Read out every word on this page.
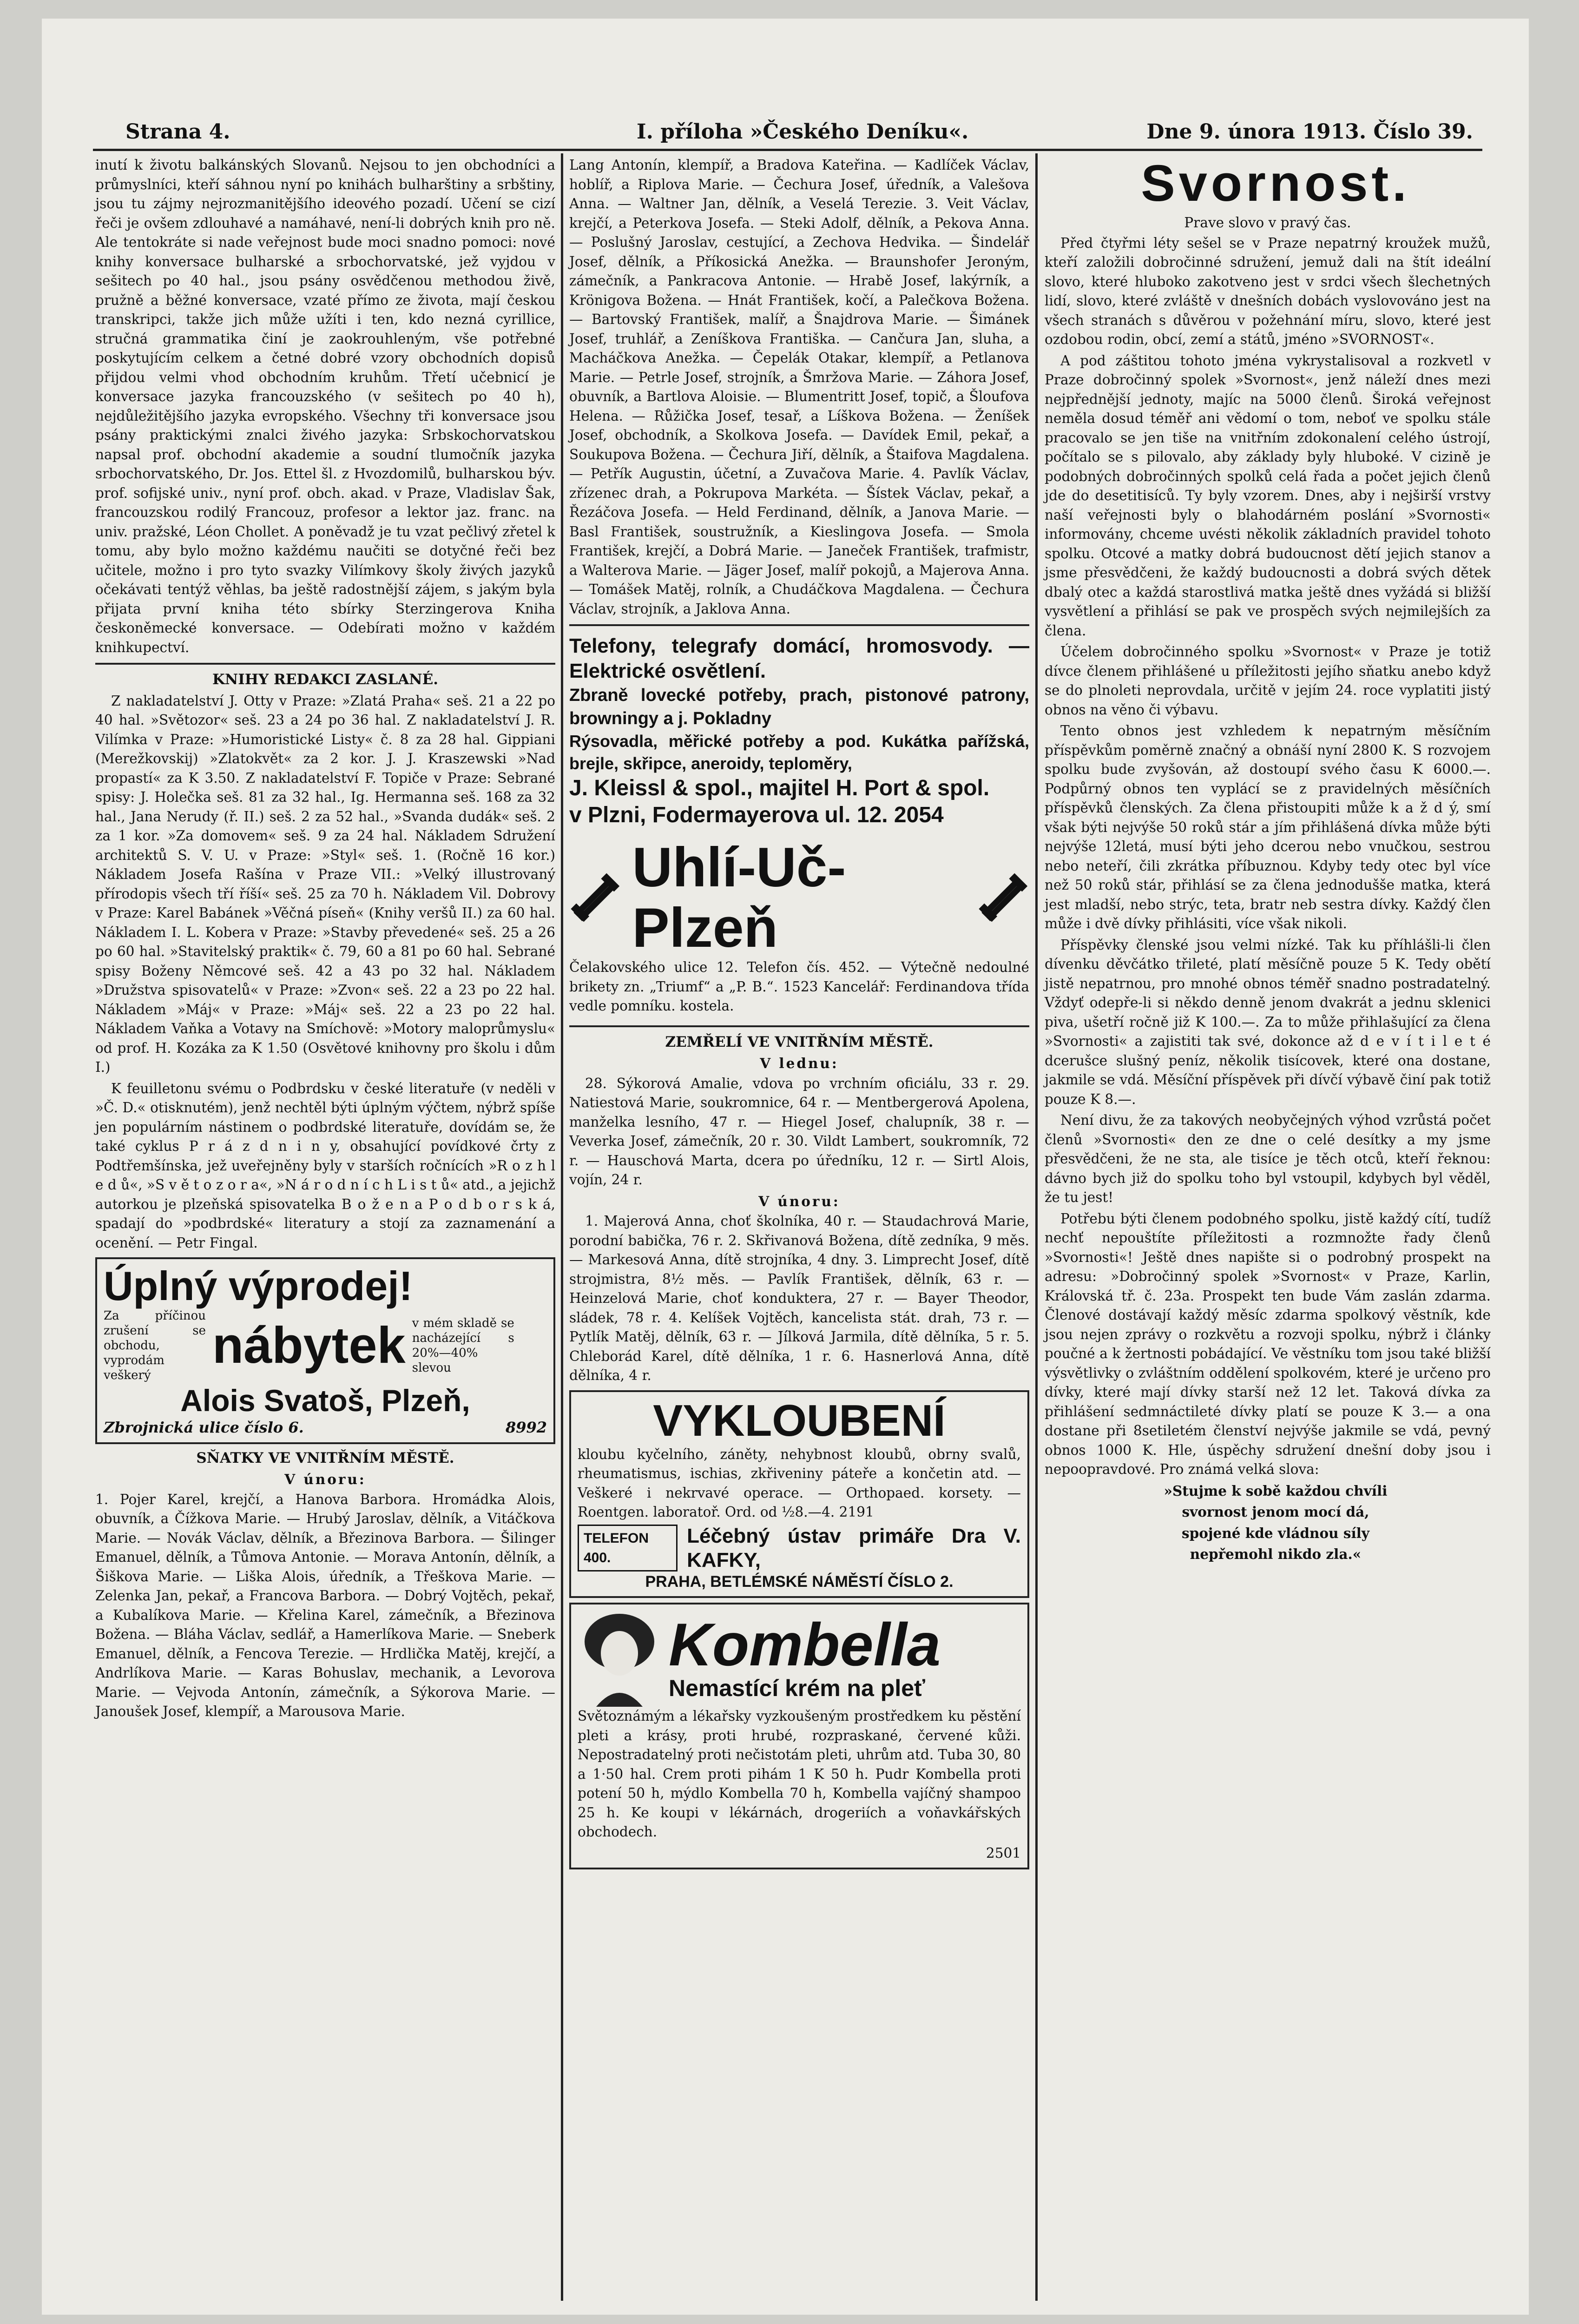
Strana 4.	I. příloha »Českého Deníku«.	Dne 9. února 1913. Číslo 39.

inutí k životu balkánských Slovanů. Nejsou to jen obchodníci a průmyslníci, kteří sáhnou nyní po knihách bulharštiny a srbštiny, jsou tu zájmy nejrozmanitějšího ideového pozadí. Učení se cizí řeči je ovšem zdlouhavé a namáhavé, není-li dobrých knih pro ně. Ale tentokráte si nade veřejnost bude moci snadno pomoci: nové knihy konversace bulharské a srbochorvatské, jež vyjdou v sešitech po 40 hal., jsou psány osvědčenou methodou živě, pružně a běžné konversace, vzaté přímo ze života, mají českou transkripci, takže jich může užíti i ten, kdo nezná cyrillice, stručná grammatika činí je zaokrouhleným, vše potřebné poskytujícím celkem a četné dobré vzory obchodních dopisů přijdou velmi vhod obchodním kruhům. Třetí učebnicí je konversace jazyka francouzského (v sešitech po 40 h), nejdůležitějšího jazyka evropského. Všechny tři konversace jsou psány praktickými znalci živého jazyka: Srbskochorvatskou napsal prof. obchodní akademie a soudní tlumočník jazyka srbochorvatského, Dr. Jos. Ettel šl. z Hvozdomilů, bulharskou býv. prof. sofijské univ., nyní prof. obch. akad. v Praze, Vladislav Šak, francouzskou rodilý Francouz, profesor a lektor jaz. franc. na univ. pražské, Léon Chollet. A poněvadž je tu vzat pečlivý zřetel k tomu, aby bylo možno každému naučiti se dotyčné řeči bez učitele, možno i pro tyto svazky Vilímkovy školy živých jazyků očekávati tentýž věhlas, ba ještě radostnější zájem, s jakým byla přijata první kniha této sbírky Sterzingerova Kniha českoněmecké konversace. — Odebírati možno v každém knihkupectví.

KNIHY REDAKCI ZASLANÉ.

Z nakladatelství J. Otty v Praze: »Zlatá Praha« seš. 21 a 22 po 40 hal. »Světozor« seš. 23 a 24 po 36 hal. Z nakladatelství J. R. Vilímka v Praze: »Humoristické Listy« č. 8 za 28 hal. Gippiani (Merežkovskij) »Zlatokvět« za 2 kor. J. J. Kraszewski »Nad propastí« za K 3.50. Z nakladatelství F. Topiče v Praze: Sebrané spisy: J. Holečka seš. 81 za 32 hal., Ig. Hermanna seš. 168 za 32 hal., Jana Nerudy (ř. II.) seš. 2 za 52 hal., »Svanda dudák« seš. 2 za 1 kor. »Za domovem« seš. 9 za 24 hal. Nákladem Sdružení architektů S. V. U. v Praze: »Styl« seš. 1. (Ročně 16 kor.) Nákladem Josefa Rašína v Praze VII.: »Velký illustrovaný přírodopis všech tří říší« seš. 25 za 70 h. Nákladem Vil. Dobrovy v Praze: Karel Babánek »Věčná píseň« (Knihy veršů II.) za 60 hal. Nákladem I. L. Kobera v Praze: »Stavby převedené« seš. 25 a 26 po 60 hal. »Stavitelský praktik« č. 79, 60 a 81 po 60 hal. Sebrané spisy Boženy Němcové seš. 42 a 43 po 32 hal. Nákladem »Družstva spisovatelů« v Praze: »Zvon« seš. 22 a 23 po 22 hal. Nákladem »Máj« v Praze: »Máj« seš. 22 a 23 po 22 hal. Nákladem Vaňka a Votavy na Smíchově: »Motory maloprůmyslu« od prof. H. Kozáka za K 1.50 (Osvětové knihovny pro školu i dům I.)

K feuilletonu svému o Podbrdsku v české literatuře (v neděli v »Č. D.« otisknutém), jenž nechtěl býti úplným výčtem, nýbrž spíše jen populárním nástinem o podbrdské literatuře, dovídám se, že také cyklus P r á z d n i n y, obsahující povídkové črty z Podtřemšínska, jež uveřejněny byly v starších ročnících »R o z h l e d ů«, »S v ě t o z o r a«, »N á r o d n í c h L i s t ů« atd., a jejichž autorkou je plzeňská spisovatelka B o ž e n a P o d b o r s k á, spadají do »podbrdské« literatury a stojí za zaznamenání a ocenění. — Petr Fingal.

Úplný výprodej!
Za příčinou zrušení se obchodu, vyprodám veškerý
nábytek v mém skladě se nacházející s 20%—40% slevou
Alois Svatoš, Plzeň,
Zbrojnická ulice číslo 6.	8992

SŇATKY VE VNITŘNÍM MĚSTĚ.

V únoru:

1. Pojer Karel, krejčí, a Hanova Barbora. Hromádka Alois, obuvník, a Čížkova Marie. — Hrubý Jaroslav, dělník, a Vitáčkova Marie. — Novák Václav, dělník, a Březinova Barbora. — Šilinger Emanuel, dělník, a Tůmova Antonie. — Morava Antonín, dělník, a Šiškova Marie. — Liška Alois, úředník, a Třeškova Marie. — Zelenka Jan, pekař, a Francova Barbora. — Dobrý Vojtěch, pekař, a Kubalíkova Marie. — Křelina Karel, zámečník, a Březinova Božena. — Bláha Václav, sedlář, a Hamerlíkova Marie. — Sneberk Emanuel, dělník, a Fencova Terezie. — Hrdlička Matěj, krejčí, a Andrlíkova Marie. — Karas Bohuslav, mechanik, a Levorova Marie. — Vejvoda Antonín, zámečník, a Sýkorova Marie. — Janoušek Josef, klempíř, a Marousova Marie.

Lang Antonín, klempíř, a Bradova Kateřina. — Kadlíček Václav, hoblíř, a Riplova Marie. — Čechura Josef, úředník, a Valešova Anna. — Waltner Jan, dělník, a Veselá Terezie. 3. Veit Václav, krejčí, a Peterkova Josefa. — Steki Adolf, dělník, a Pekova Anna. — Poslušný Jaroslav, cestující, a Zechova Hedvika. — Šindelář Josef, dělník, a Příkosická Anežka. — Braunshofer Jeroným, zámečník, a Pankracova Antonie. — Hrabě Josef, lakýrník, a Krönigova Božena. — Hnát František, kočí, a Palečkova Božena. — Bartovský František, malíř, a Šnajdrova Marie. — Šimánek Josef, truhlář, a Zeníškova Františka. — Cančura Jan, sluha, a Macháčkova Anežka. — Čepelák Otakar, klempíř, a Petlanova Marie. — Petrle Josef, strojník, a Šmržova Marie. — Záhora Josef, obuvník, a Bartlova Aloisie. — Blumentritt Josef, topič, a Šloufova Helena. — Růžička Josef, tesař, a Líškova Božena. — Ženíšek Josef, obchodník, a Skolkova Josefa. — Davídek Emil, pekař, a Soukupova Božena. — Čechura Jiří, dělník, a Štaifova Magdalena. — Petřík Augustin, účetní, a Zuvačova Marie. 4. Pavlík Václav, zřízenec drah, a Pokrupova Markéta. — Šístek Václav, pekař, a Řezáčova Josefa. — Held Ferdinand, dělník, a Janova Marie. — Basl František, soustružník, a Kieslingova Josefa. — Smola František, krejčí, a Dobrá Marie. — Janeček František, trafmistr, a Walterova Marie. — Jäger Josef, malíř pokojů, a Majerova Anna. — Tomášek Matěj, rolník, a Chudáčkova Magdalena. — Čechura Václav, strojník, a Jaklova Anna.

Telefony, telegrafy domácí, hromosvody. — Elektrické osvětlení.
Zbraně lovecké potřeby, prach, pistonové patrony, browningy a j. Pokladny
Rýsovadla, měřické potřeby a pod. Kukátka pařížská, brejle, skřipce, aneroidy, teploměry,
J. Kleissl & spol., majitel H. Port & spol.
v Plzni, Fodermayerova ul. 12. 2054
Uhlí-Uč-Plzeň

Čelakovského ulice 12. Telefon čís. 452. — Výtečně nedoulné brikety zn. „Triumf“ a „P. B.“. 1523 Kancelář: Ferdinandova třída vedle pomníku. kostela.

ZEMŘELÍ VE VNITŘNÍM MĚSTĚ.

V lednu:

28. Sýkorová Amalie, vdova po vrchním oficiálu, 33 r. 29. Natiestová Marie, soukromnice, 64 r. — Mentbergerová Apolena, manželka lesního, 47 r. — Hiegel Josef, chalupník, 38 r. — Veverka Josef, zámečník, 20 r. 30. Vildt Lambert, soukromník, 72 r. — Hauschová Marta, dcera po úředníku, 12 r. — Sirtl Alois, vojín, 24 r.

V únoru:

1. Majerová Anna, choť školníka, 40 r. — Staudachrová Marie, porodní babička, 76 r. 2. Skřivanová Božena, dítě zedníka, 9 měs. — Markesová Anna, dítě strojníka, 4 dny. 3. Limprecht Josef, dítě strojmistra, 8½ měs. — Pavlík František, dělník, 63 r. — Heinzelová Marie, choť konduktera, 27 r. — Bayer Theodor, sládek, 78 r. 4. Kelíšek Vojtěch, kancelista stát. drah, 73 r. — Pytlík Matěj, dělník, 63 r. — Jílková Jarmila, dítě dělníka, 5 r. 5. Chleborád Karel, dítě dělníka, 1 r. 6. Hasnerlová Anna, dítě dělníka, 4 r.

VYKLOUBENÍ

kloubu kyčelního, záněty, nehybnost kloubů, obrny svalů, rheumatismus, ischias, zkřiveniny páteře a končetin atd. — Veškeré i nekrvavé operace. — Orthopaed. korsety. — Roentgen. laboratoř. Ord. od ½8.—4. 2191

TELEFON 400.
Léčebný ústav primáře Dra V. KAFKY,
PRAHA, BETLÉMSKÉ NÁMĚSTÍ ČÍSLO 2.
Kombella
Nemastící krém na pleť

Světoznámým a lékařsky vyzkoušeným prostředkem ku pěstění pleti a krásy, proti hrubé, rozpraskané, červené kůži. Nepostradatelný proti nečistotám pleti, uhrům atd. Tuba 30, 80 a 1·50 hal. Crem proti pihám 1 K 50 h. Pudr Kombella proti potení 50 h, mýdlo Kombella 70 h, Kombella vajíčný shampoo 25 h. Ke koupi v lékárnách, drogeriích a voňavkářských obchodech.

2501

Svornost.

Prave slovo v pravý čas.

Před čtyřmi léty sešel se v Praze nepatrný kroužek mužů, kteří založili dobročinné sdružení, jemuž dali na štít ideální slovo, které hluboko zakotveno jest v srdci všech šlechetných lidí, slovo, které zvláště v dnešních dobách vyslovováno jest na všech stranách s důvěrou v požehnání míru, slovo, které jest ozdobou rodin, obcí, zemí a států, jméno »SVORNOST«.

A pod záštitou tohoto jména vykrystalisoval a rozkvetl v Praze dobročinný spolek »Svornost«, jenž náleží dnes mezi nejpřednější jednoty, majíc na 5000 členů. Široká veřejnost neměla dosud téměř ani vědomí o tom, neboť ve spolku stále pracovalo se jen tiše na vnitřním zdokonalení celého ústrojí, počítalo se s pilovalo, aby základy byly hluboké. V cizině je podobných dobročinných spolků celá řada a počet jejich členů jde do desetitisíců. Ty byly vzorem. Dnes, aby i nejširší vrstvy naší veřejnosti byly o blahodárném poslání »Svornosti« informovány, chceme uvésti několik základních pravidel tohoto spolku. Otcové a matky dobrá budoucnost dětí jejich stanov a jsme přesvědčeni, že každý budoucnosti a dobrá svých dětek dbalý otec a každá starostlivá matka ještě dnes vyžádá si bližší vysvětlení a přihlásí se pak ve prospěch svých nejmilejších za člena.

Účelem dobročinného spolku »Svornost« v Praze je totiž dívce členem přihlášené u příležitosti jejího sňatku anebo když se do plnoleti neprovdala, určitě v jejím 24. roce vyplatiti jistý obnos na věno či výbavu.

Tento obnos jest vzhledem k nepatrným měsíčním příspěvkům poměrně značný a obnáší nyní 2800 K. S rozvojem spolku bude zvyšován, až dostoupí svého času K 6000.—. Podpůrný obnos ten vyplácí se z pravidelných měsíčních příspěvků členských. Za člena přistoupiti může k a ž d ý, smí však býti nejvýše 50 roků stár a jím přihlášená dívka může býti nejvýše 12letá, musí býti jeho dcerou nebo vnučkou, sestrou nebo neteří, čili zkrátka příbuznou. Kdyby tedy otec byl více než 50 roků stár, přihlásí se za člena jednodušše matka, která jest mladší, nebo strýc, teta, bratr neb sestra dívky. Každý člen může i dvě dívky přihlásiti, více však nikoli.

Příspěvky členské jsou velmi nízké. Tak ku příhlášli-li člen dívenku děvčátko třileté, platí měsíčně pouze 5 K. Tedy obětí jistě nepatrnou, pro mnohé obnos téměř snadno postradatelný. Vždyť odepře-li si někdo denně jenom dvakrát a jednu sklenici piva, ušetří ročně již K 100.—. Za to může přihlašující za člena »Svornosti« a zajistiti tak své, dokonce až d e v í t i l e t é dcerušce slušný peníz, několik tisícovek, které ona dostane, jakmile se vdá. Měsíční příspěvek při dívčí výbavě činí pak totiž pouze K 8.—.

Není divu, že za takových neobyčejných výhod vzrůstá počet členů »Svornosti« den ze dne o celé desítky a my jsme přesvědčeni, že ne sta, ale tisíce je těch otců, kteří řeknou: dávno bych již do spolku toho byl vstoupil, kdybych byl věděl, že tu jest!

Potřebu býti členem podobného spolku, jistě každý cítí, tudíž nechť nepouštíte příležitosti a rozmnožte řady členů »Svornosti«! Ještě dnes napište si o podrobný prospekt na adresu: »Dobročinný spolek »Svornost« v Praze, Karlin, Královská tř. č. 23a. Prospekt ten bude Vám zaslán zdarma. Členové dostávají každý měsíc zdarma spolkový věstník, kde jsou nejen zprávy o rozkvětu a rozvoji spolku, nýbrž i články poučné a k žertnosti pobádající. Ve věstníku tom jsou také bližší výsvětlivky o zvláštním oddělení spolkovém, které je určeno pro dívky, které mají dívky starší než 12 let. Taková dívka za přihlášení sedmnáctileté dívky platí se pouze K 3.— a ona dostane při 8setiletém členství nejvýše jakmile se vdá, pevný obnos 1000 K. Hle, úspěchy sdružení dnešní doby jsou i nepoopravdové. Pro známá velká slova:

»Stujme k sobě každou chvíli

svornost jenom mocí dá,

spojené kde vládnou síly

nepřemohl nikdo zla.«
